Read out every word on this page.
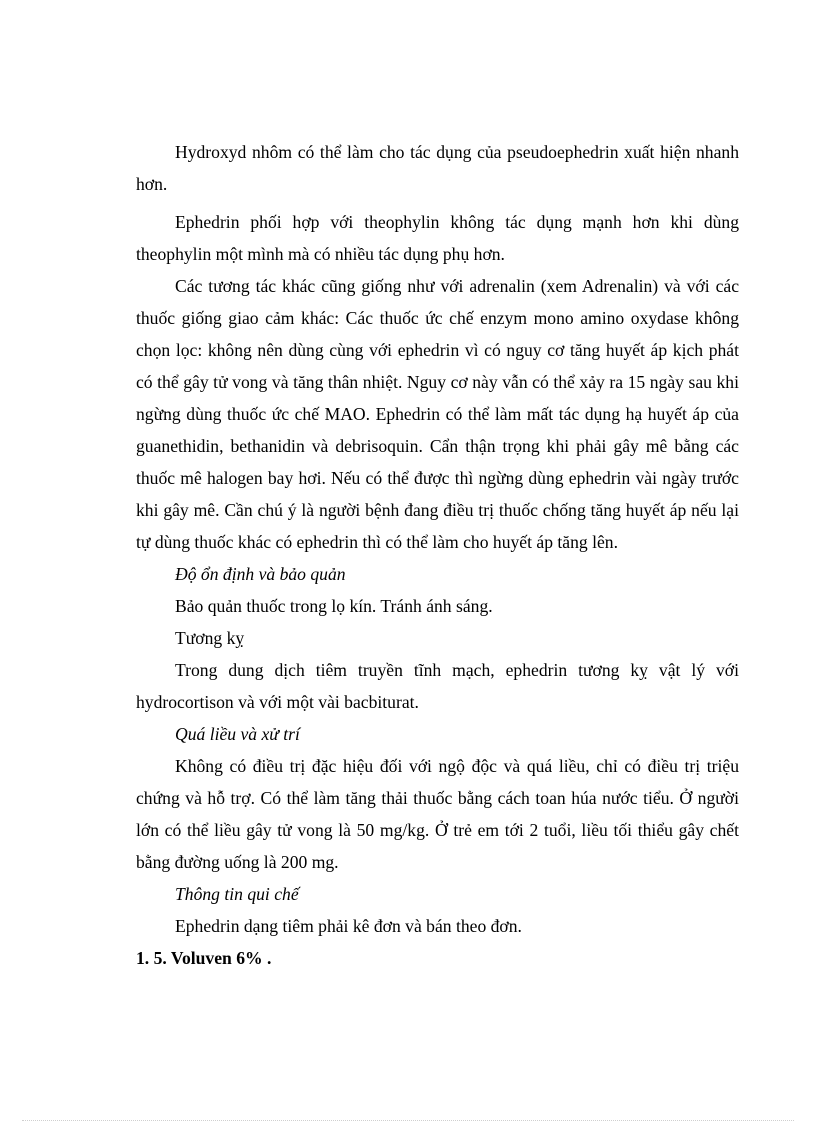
Hydroxyd nhôm có thể làm cho tác dụng của pseudoephedrin xuất hiện nhanh hơn.

Ephedrin phối hợp với theophylin không tác dụng mạnh hơn khi dùng theophylin một mình mà có nhiều tác dụng phụ hơn.

Các tương tác khác cũng giống như với adrenalin (xem Adrenalin) và với các thuốc giống giao cảm khác: Các thuốc ức chế enzym mono amino oxydase không chọn lọc: không nên dùng cùng với ephedrin vì có nguy cơ tăng huyết áp kịch phát có thể gây tử vong và tăng thân nhiệt. Nguy cơ này vẫn có thể xảy ra 15 ngày sau khi ngừng dùng thuốc ức chế MAO. Ephedrin có thể làm mất tác dụng hạ huyết áp của guanethidin, bethanidin và debrisoquin. Cẩn thận trọng khi phải gây mê bằng các thuốc mê halogen bay hơi. Nếu có thể được thì ngừng dùng ephedrin vài ngày trước khi gây mê. Cần chú ý là người bệnh đang điều trị thuốc chống tăng huyết áp nếu lại tự dùng thuốc khác có ephedrin thì có thể làm cho huyết áp tăng lên.

Độ ổn định và bảo quản

Bảo quản thuốc trong lọ kín. Tránh ánh sáng.

Tương kỵ

Trong dung dịch tiêm truyền tĩnh mạch, ephedrin tương kỵ vật lý với hydrocortison và với một vài bacbiturat.

Quá liều và xử trí

Không có điều trị đặc hiệu đối với ngộ độc và quá liều, chỉ có điều trị triệu chứng và hỗ trợ. Có thể làm tăng thải thuốc bằng cách toan húa nước tiểu. Ở người lớn có thể liều gây tử vong là 50 mg/kg. Ở trẻ em tới 2 tuổi, liều tối thiểu gây chết bằng đường uống là 200 mg.

Thông tin qui chế

Ephedrin dạng tiêm phải kê đơn và bán theo đơn.

1. 5. Voluven 6% .
